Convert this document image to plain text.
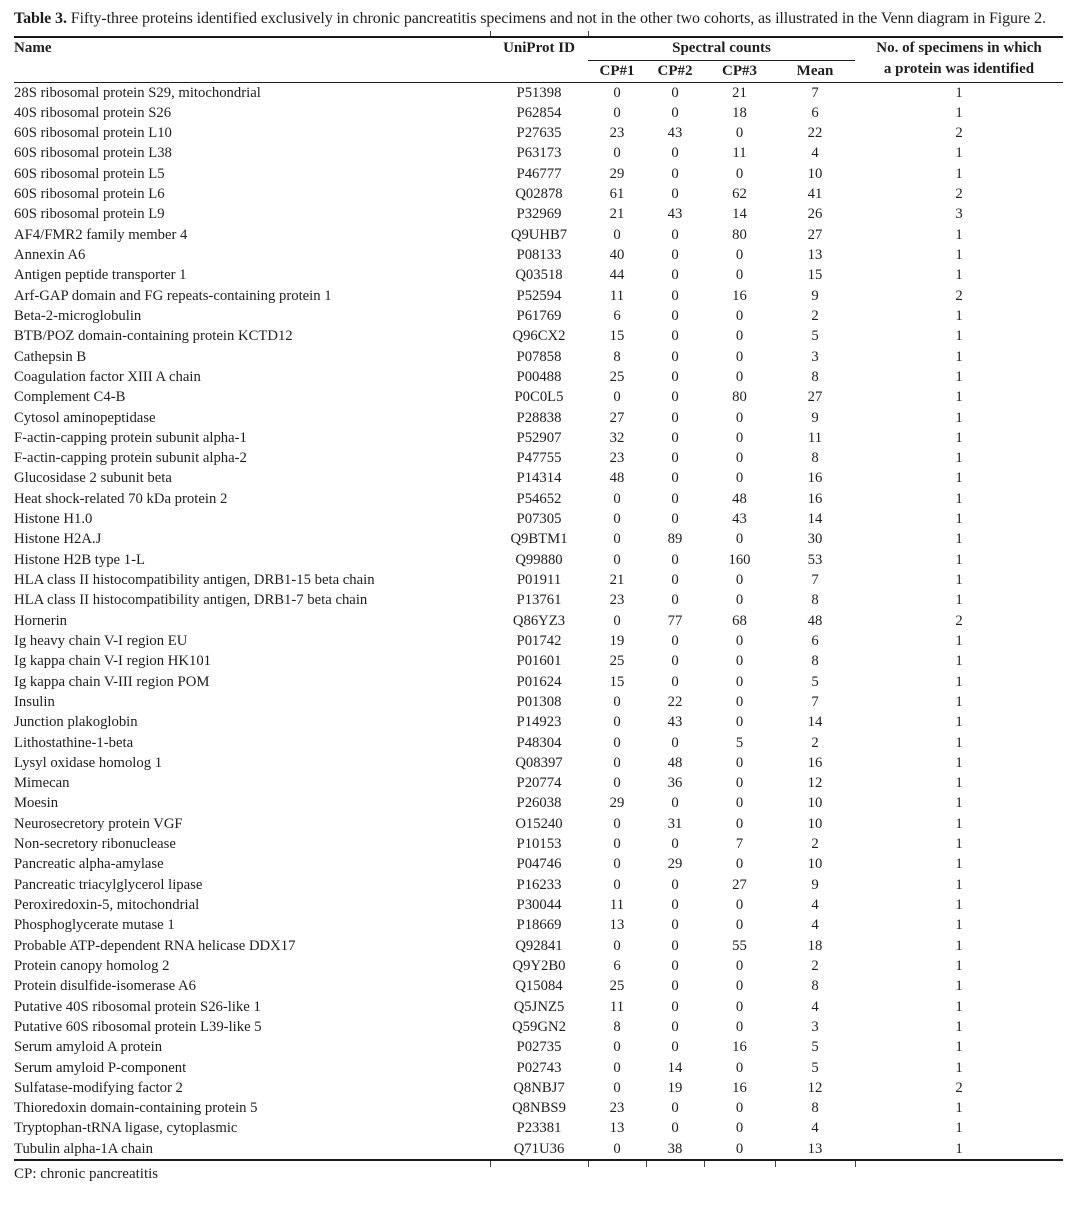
Table 3. Fifty-three proteins identified exclusively in chronic pancreatitis specimens and not in the other two cohorts, as illustrated in the Venn diagram in Figure 2.

Name	UniProt ID	Spectral counts				No. of specimens in which
a protein was identified

		CP#1	CP#2	CP#3	Mean	
28S ribosomal protein S29, mitochondrial	P51398	0	0	21	7	1
40S ribosomal protein S26	P62854	0	0	18	6	1
60S ribosomal protein L10	P27635	23	43	0	22	2
60S ribosomal protein L38	P63173	0	0	11	4	1
60S ribosomal protein L5	P46777	29	0	0	10	1
60S ribosomal protein L6	Q02878	61	0	62	41	2
60S ribosomal protein L9	P32969	21	43	14	26	3
AF4/FMR2 family member 4	Q9UHB7	0	0	80	27	1
Annexin A6	P08133	40	0	0	13	1
Antigen peptide transporter 1	Q03518	44	0	0	15	1
Arf-GAP domain and FG repeats-containing protein 1	P52594	11	0	16	9	2
Beta-2-microglobulin	P61769	6	0	0	2	1
BTB/POZ domain-containing protein KCTD12	Q96CX2	15	0	0	5	1
Cathepsin B	P07858	8	0	0	3	1
Coagulation factor XIII A chain	P00488	25	0	0	8	1
Complement C4-B	P0C0L5	0	0	80	27	1
Cytosol aminopeptidase	P28838	27	0	0	9	1
F-actin-capping protein subunit alpha-1	P52907	32	0	0	11	1
F-actin-capping protein subunit alpha-2	P47755	23	0	0	8	1
Glucosidase 2 subunit beta	P14314	48	0	0	16	1
Heat shock-related 70 kDa protein 2	P54652	0	0	48	16	1
Histone H1.0	P07305	0	0	43	14	1
Histone H2A.J	Q9BTM1	0	89	0	30	1
Histone H2B type 1-L	Q99880	0	0	160	53	1
HLA class II histocompatibility antigen, DRB1-15 beta chain	P01911	21	0	0	7	1
HLA class II histocompatibility antigen, DRB1-7 beta chain	P13761	23	0	0	8	1
Hornerin	Q86YZ3	0	77	68	48	2
Ig heavy chain V-I region EU	P01742	19	0	0	6	1
Ig kappa chain V-I region HK101	P01601	25	0	0	8	1
Ig kappa chain V-III region POM	P01624	15	0	0	5	1
Insulin	P01308	0	22	0	7	1
Junction plakoglobin	P14923	0	43	0	14	1
Lithostathine-1-beta	P48304	0	0	5	2	1
Lysyl oxidase homolog 1	Q08397	0	48	0	16	1
Mimecan	P20774	0	36	0	12	1
Moesin	P26038	29	0	0	10	1
Neurosecretory protein VGF	O15240	0	31	0	10	1
Non-secretory ribonuclease	P10153	0	0	7	2	1
Pancreatic alpha-amylase	P04746	0	29	0	10	1
Pancreatic triacylglycerol lipase	P16233	0	0	27	9	1
Peroxiredoxin-5, mitochondrial	P30044	11	0	0	4	1
Phosphoglycerate mutase 1	P18669	13	0	0	4	1
Probable ATP-dependent RNA helicase DDX17	Q92841	0	0	55	18	1
Protein canopy homolog 2	Q9Y2B0	6	0	0	2	1
Protein disulfide-isomerase A6	Q15084	25	0	0	8	1
Putative 40S ribosomal protein S26-like 1	Q5JNZ5	11	0	0	4	1
Putative 60S ribosomal protein L39-like 5	Q59GN2	8	0	0	3	1
Serum amyloid A protein	P02735	0	0	16	5	1
Serum amyloid P-component	P02743	0	14	0	5	1
Sulfatase-modifying factor 2	Q8NBJ7	0	19	16	12	2
Thioredoxin domain-containing protein 5	Q8NBS9	23	0	0	8	1
Tryptophan-tRNA ligase, cytoplasmic	P23381	13	0	0	4	1
Tubulin alpha-1A chain	Q71U36	0	38	0	13	1

CP: chronic pancreatitis
